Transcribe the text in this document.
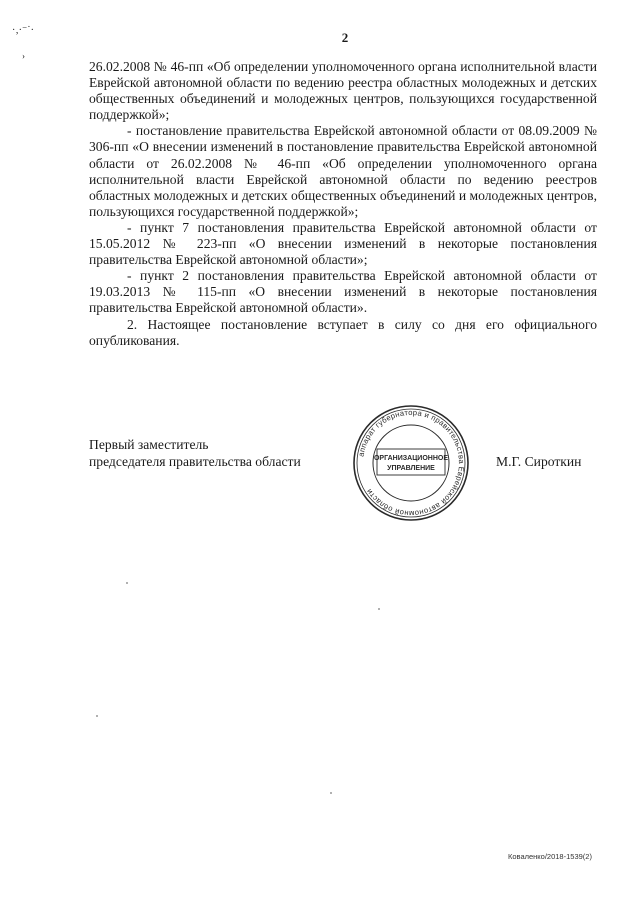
·‚·⁻˙·
›
2

26.02.2008 № 46-пп «Об определении уполномоченного органа исполнительной власти Еврейской автономной области по ведению реестра областных молодежных и детских общественных объединений и молодежных центров, пользующихся государственной поддержкой»;

- постановление правительства Еврейской автономной области от 08.09.2009 № 306-пп «О внесении изменений в постановление правительства Еврейской автономной области от 26.02.2008 № 46-пп «Об определении уполномоченного органа исполнительной власти Еврейской автономной области по ведению реестров областных молодежных и детских общественных объединений и молодежных центров, пользующихся государственной поддержкой»;

- пункт 7 постановления правительства Еврейской автономной области от 15.05.2012 № 223-пп «О внесении изменений в некоторые постановления правительства Еврейской автономной области»;

- пункт 2 постановления правительства Еврейской автономной области от 19.03.2013 № 115-пп «О внесении изменений в некоторые постановления правительства Еврейской автономной области».

2. Настоящее постановление вступает в силу со дня его официального опубликования.

Первый заместитель
председателя правительства области	аппарат губернатора и правительства Еврейской автономной области
ОРГАНИЗАЦИОННОЕ
УПРАВЛЕНИЕ	М.Г. Сироткин
Коваленко/2018-1539(2)
